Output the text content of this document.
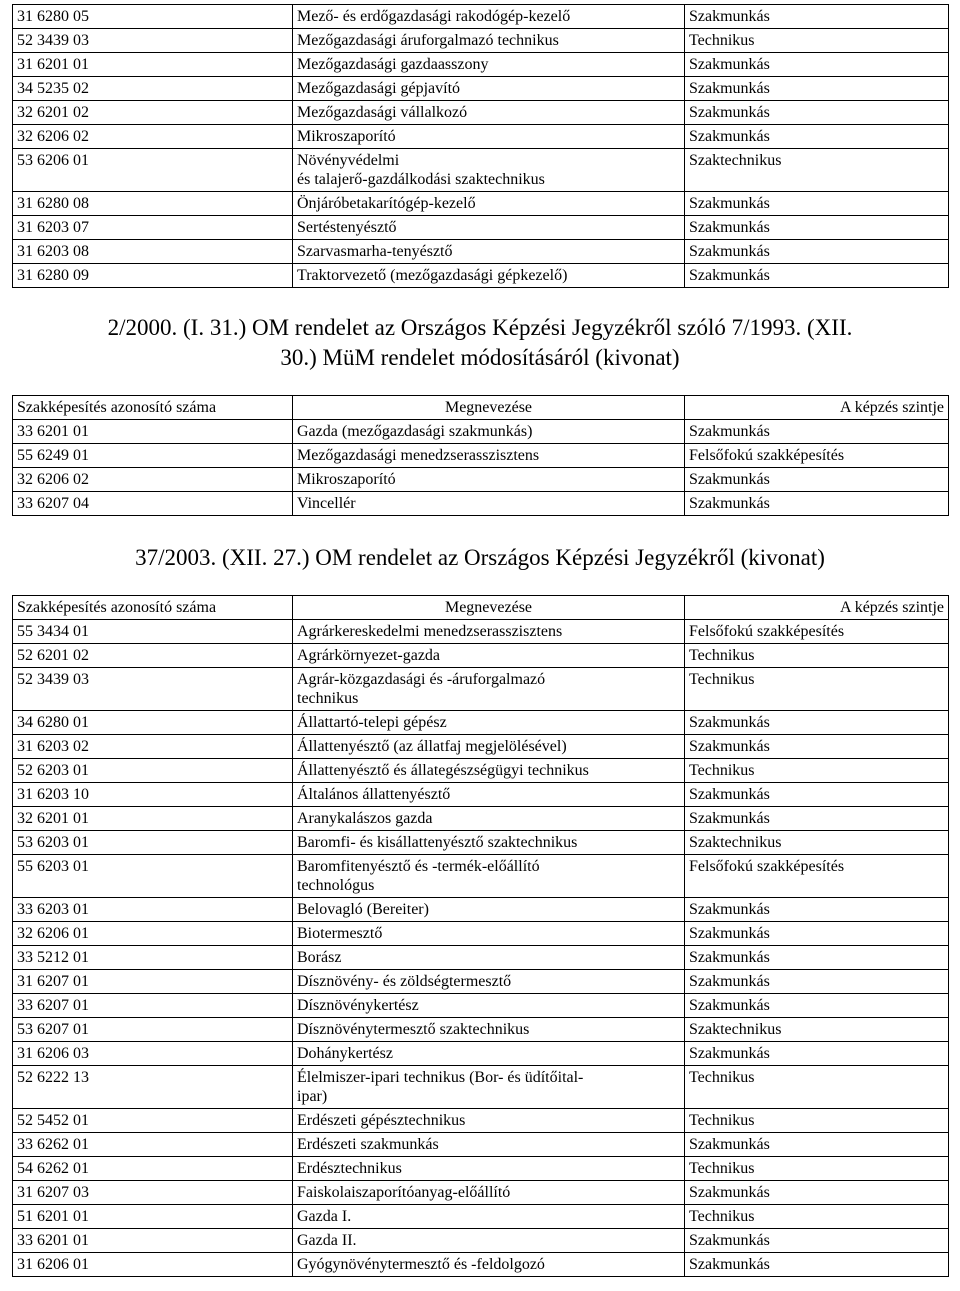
31 6280 05	Mező- és erdőgazdasági rakodógép-kezelő	Szakmunkás
52 3439 03	Mezőgazdasági áruforgalmazó technikus	Technikus
31 6201 01	Mezőgazdasági gazdaasszony	Szakmunkás
34 5235 02	Mezőgazdasági gépjavító	Szakmunkás
32 6201 02	Mezőgazdasági vállalkozó	Szakmunkás
32 6206 02	Mikroszaporító	Szakmunkás
53 6206 01	Növényvédelmi
és talajerő-gazdálkodási szaktechnikus	Szaktechnikus
31 6280 08	Önjáróbetakarítógép-kezelő	Szakmunkás
31 6203 07	Sertéstenyésztő	Szakmunkás
31 6203 08	Szarvasmarha-tenyésztő	Szakmunkás
31 6280 09	Traktorvezető (mezőgazdasági gépkezelő)	Szakmunkás
2/2000. (I. 31.) OM rendelet az Országos Képzési Jegyzékről szóló 7/1993. (XII.
30.) MüM rendelet módosításáról (kivonat)
Szakképesítés azonosító száma	Megnevezése	A képzés szintje
33 6201 01	Gazda (mezőgazdasági szakmunkás)	Szakmunkás
55 6249 01	Mezőgazdasági menedzserasszisztens	Felsőfokú szakképesítés
32 6206 02	Mikroszaporító	Szakmunkás
33 6207 04	Vincellér	Szakmunkás
37/2003. (XII. 27.) OM rendelet az Országos Képzési Jegyzékről (kivonat)
Szakképesítés azonosító száma	Megnevezése	A képzés szintje
55 3434 01	Agrárkereskedelmi menedzserasszisztens	Felsőfokú szakképesítés
52 6201 02	Agrárkörnyezet-gazda	Technikus
52 3439 03	Agrár-közgazdasági és -áruforgalmazó
technikus	Technikus
34 6280 01	Állattartó-telepi gépész	Szakmunkás
31 6203 02	Állattenyésztő (az állatfaj megjelölésével)	Szakmunkás
52 6203 01	Állattenyésztő és állategészségügyi technikus	Technikus
31 6203 10	Általános állattenyésztő	Szakmunkás
32 6201 01	Aranykalászos gazda	Szakmunkás
53 6203 01	Baromfi- és kisállattenyésztő szaktechnikus	Szaktechnikus
55 6203 01	Baromfitenyésztő és -termék-előállító
technológus	Felsőfokú szakképesítés
33 6203 01	Belovagló (Bereiter)	Szakmunkás
32 6206 01	Biotermesztő	Szakmunkás
33 5212 01	Borász	Szakmunkás
31 6207 01	Dísznövény- és zöldségtermesztő	Szakmunkás
33 6207 01	Dísznövénykertész	Szakmunkás
53 6207 01	Dísznövénytermesztő szaktechnikus	Szaktechnikus
31 6206 03	Dohánykertész	Szakmunkás
52 6222 13	Élelmiszer-ipari technikus (Bor- és üdítőital-
ipar)	Technikus
52 5452 01	Erdészeti gépésztechnikus	Technikus
33 6262 01	Erdészeti szakmunkás	Szakmunkás
54 6262 01	Erdésztechnikus	Technikus
31 6207 03	Faiskolaiszaporítóanyag-előállító	Szakmunkás
51 6201 01	Gazda I.	Technikus
33 6201 01	Gazda II.	Szakmunkás
31 6206 01	Gyógynövénytermesztő és -feldolgozó	Szakmunkás
